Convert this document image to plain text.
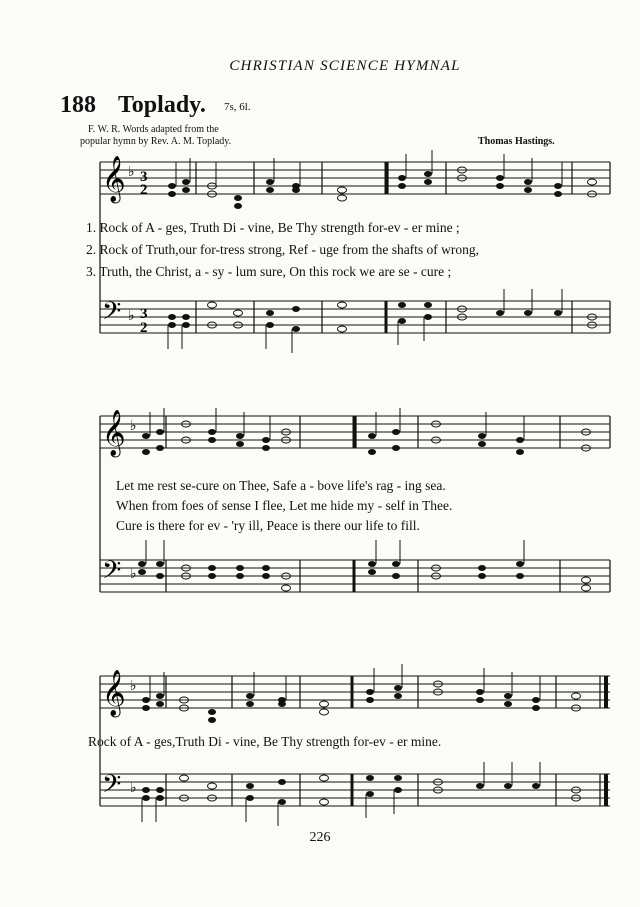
CHRISTIAN SCIENCE HYMNAL
188 Toplady. 7s, 6l.
F. W. R. Words adapted from the
popular hymn by Rev. A. M. Toplady.	Thomas Hastings.
𝄞
𝄢
♭
♭
3
2
3
2
1. Rock of A - ges, Truth Di - vine, Be Thy strength for-ev - er mine ;
2. Rock of Truth,our for-tress strong, Ref - uge from the shafts of wrong,
3. Truth, the Christ, a - sy - lum sure, On this rock we are se - cure ;
𝄞
𝄢
♭
♭
Let me rest se-cure on Thee, Safe a - bove life's rag - ing sea.
When from foes of sense I flee, Let me hide my - self in Thee.
Cure is there for ev - 'ry ill, Peace is there our life to fill.
𝄞
𝄢
♭
♭
Rock of A - ges,Truth Di - vine, Be Thy strength for-ev - er mine.
226
